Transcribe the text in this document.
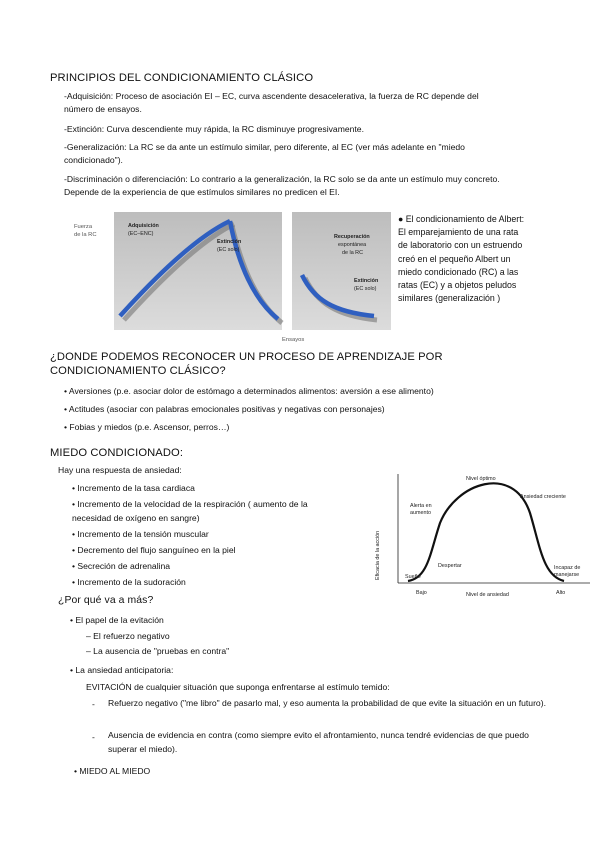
PRINCIPIOS DEL CONDICIONAMIENTO CLÁSICO
-Adquisición: Proceso de asociación EI – EC, curva ascendente desacelerativa, la fuerza de RC depende del número de ensayos.
-Extinción: Curva descendiente muy rápida, la RC disminuye progresivamente.
-Generalización: La RC se da ante un estímulo similar, pero diferente, al EC (ver más adelante en "miedo condicionado").
-Discriminación o diferenciación: Lo contrario a la generalización, la RC solo se da ante un estímulo muy concreto. Depende de la experiencia de que estímulos similares no predicen el EI.
Fuerza
de la RC
Adquisición
(EC–ENC)
Extinción
(EC solo)
Recuperación
espontánea
de la RC
Extinción
(EC solo)
Ensayos
● El condicionamiento de Albert: El emparejamiento de una rata de laboratorio con un estruendo creó en el pequeño Albert un miedo condicionado (RC) a las ratas (EC) y a objetos peludos similares (generalización )
¿DONDE PODEMOS RECONOCER UN PROCESO DE APRENDIZAJE POR CONDICIONAMIENTO CLÁSICO?
• Aversiones (p.e. asociar dolor de estómago a determinados alimentos: aversión a ese alimento)
• Actitudes (asociar con palabras emocionales positivas y negativas con personajes)
• Fobias y miedos (p.e. Ascensor, perros…)
MIEDO CONDICIONADO:
Hay una respuesta de ansiedad:
• Incremento de la tasa cardiaca
• Incremento de la velocidad de la respiración ( aumento de la necesidad de oxígeno en sangre)
• Incremento de la tensión muscular
• Decremento del flujo sanguíneo en la piel
• Secreción de adrenalina
• Incremento de la sudoración
¿Por qué va a más?
• El papel de la evitación
– El refuerzo negativo
– La ausencia de "pruebas en contra"
• La ansiedad anticipatoria:
EVITACIÓN de cualquier situación que suponga enfrentarse al estímulo temido:
- Refuerzo negativo ("me libro" de pasarlo mal, y eso aumenta la probabilidad de que evite la situación en un futuro).
- Ausencia de evidencia en contra (como siempre evito el afrontamiento, nunca tendré evidencias de que puedo superar el miedo).
• MIEDO AL MIEDO
Eficacia de la acción
Nivel óptimo
Alerta en
aumento
Ansiedad creciente
Sueño
Despertar	Incapaz de
manejarse
Bajo	Nivel de ansiedad	Alto
